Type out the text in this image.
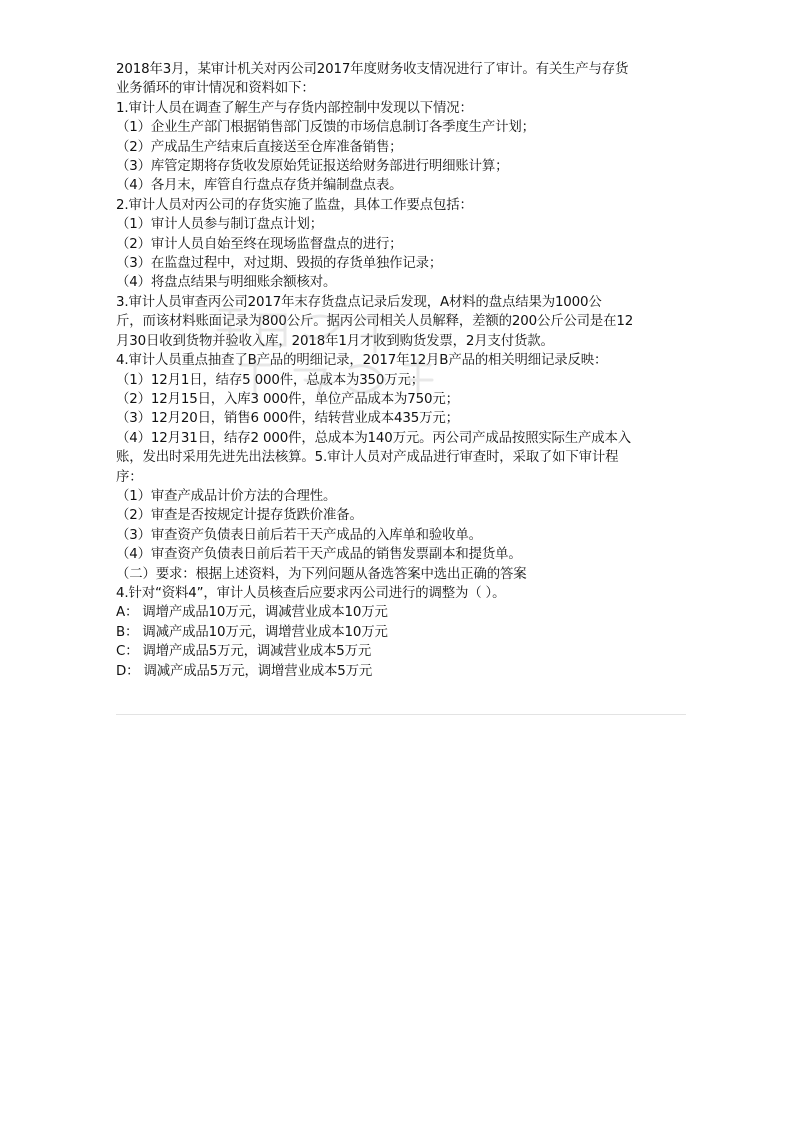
2018年3月，某审计机关对丙公司2017年度财务收支情况进行了审计。有关生产与存货
业务循环的审计情况和资料如下：
1.审计人员在调查了解生产与存货内部控制中发现以下情况：
（1）企业生产部门根据销售部门反馈的市场信息制订各季度生产计划；
（2）产成品生产结束后直接送至仓库准备销售；
（3）库管定期将存货收发原始凭证报送给财务部进行明细账计算；
（4）各月末，库管自行盘点存货并编制盘点表。
2.审计人员对丙公司的存货实施了监盘，具体工作要点包括：
（1）审计人员参与制订盘点计划；
（2）审计人员自始至终在现场监督盘点的进行；
（3）在监盘过程中，对过期、毁损的存货单独作记录；
（4）将盘点结果与明细账余额核对。
3.审计人员审查丙公司2017年末存货盘点记录后发现，A材料的盘点结果为1000公
斤，而该材料账面记录为800公斤。据丙公司相关人员解释，差额的200公斤公司是在12
月30日收到货物并验收入库，2018年1月才收到购货发票，2月支付货款。
4.审计人员重点抽查了B产品的明细记录，2017年12月B产品的相关明细记录反映：
（1）12月1日，结存5 000件，总成本为350万元；
（2）12月15日，入库3 000件，单位产品成本为750元；
（3）12月20日，销售6 000件，结转营业成本435万元；
（4）12月31日，结存2 000件，总成本为140万元。丙公司产成品按照实际生产成本入
账，发出时采用先进先出法核算。5.审计人员对产成品进行审查时，采取了如下审计程
序：
（1）审查产成品计价方法的合理性。
（2）审查是否按规定计提存货跌价准备。
（3）审查资产负债表日前后若干天产成品的入库单和验收单。
（4）审查资产负债表日前后若干天产成品的销售发票副本和提货单。
（二）要求：根据上述资料，为下列问题从备选答案中选出正确的答案
4.针对“资料4”，审计人员核查后应要求丙公司进行的调整为（ ）。
A： 调增产成品10万元，调减营业成本10万元
B： 调减产成品10万元，调增营业成本10万元
C： 调增产成品5万元，调减营业成本5万元
D： 调减产成品5万元，调增营业成本5万元
